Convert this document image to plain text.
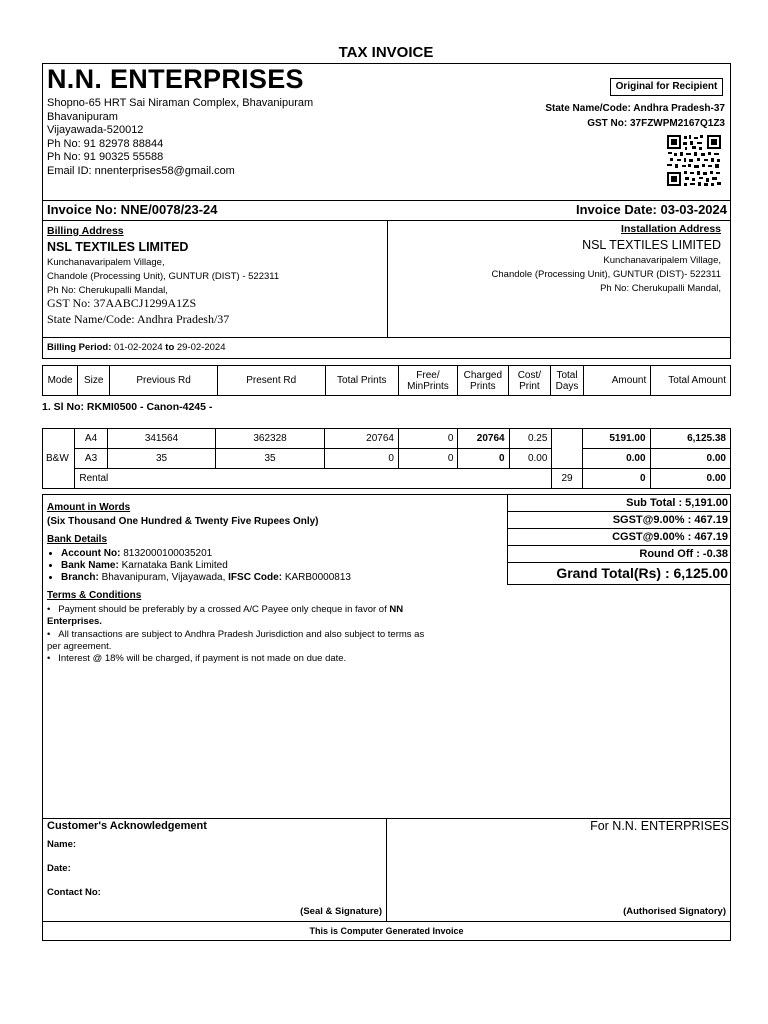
TAX INVOICE
N.N. ENTERPRISES
Shopno-65 HRT Sai Niraman Complex, Bhavanipuram
Bhavanipuram
Vijayawada-520012
Ph No: 91 82978 88844
Ph No: 91 90325 55588
Email ID: nnenterprises58@gmail.com
Original for Recipient
State Name/Code: Andhra Pradesh-37
GST No: 37FZWPM2167Q1Z3
Invoice No: NNE/0078/23-24	Invoice Date: 03-03-2024
Billing Address
NSL TEXTILES LIMITED
Kunchanavaripalem Village,
Chandole (Processing Unit), GUNTUR (DIST) - 522311
Ph No: Cherukupalli Mandal,
GST No: 37AABCJ1299A1ZS
State Name/Code: Andhra Pradesh/37
Installation Address
NSL TEXTILES LIMITED
Kunchanavaripalem Village,
Chandole (Processing Unit), GUNTUR (DIST)- 522311
Ph No: Cherukupalli Mandal,
Billing Period: 01-02-2024 to 29-02-2024
Mode	Size	Previous Rd	Present Rd	Total Prints	Free/ MinPrints	Charged Prints	Cost/ Print	Total Days	Amount	Total Amount
1. Sl No: RKMI0500 - Canon-4245 -
B&W	A4	341564	362328	20764	0	20764	0.25		5191.00	6,125.38
	A3	35	35	0	0	0	0.00		0.00	0.00
	Rental							29	0	0.00
Sub Total : 5,191.00
SGST@9.00% : 467.19
CGST@9.00% : 467.19
Round Off : -0.38
Grand Total(Rs) : 6,125.00
Amount in Words
(Six Thousand One Hundred & Twenty Five Rupees Only)
Bank Details
• Account No: 8132000100035201
• Bank Name: Karnataka Bank Limited
• Branch: Bhavanipuram, Vijayawada, IFSC Code: KARB0000813
Terms & Conditions
•   Payment should be preferably by a crossed A/C Payee only cheque in favor of NN Enterprises.
•   All transactions are subject to Andhra Pradesh Jurisdiction and also subject to terms as per agreement.
•   Interest @ 18% will be charged, if payment is not made on due date.
Customer's Acknowledgement
Name:
Date:
Contact No:
(Seal & Signature)
For N.N. ENTERPRISES
(Authorised Signatory)
This is Computer Generated Invoice
